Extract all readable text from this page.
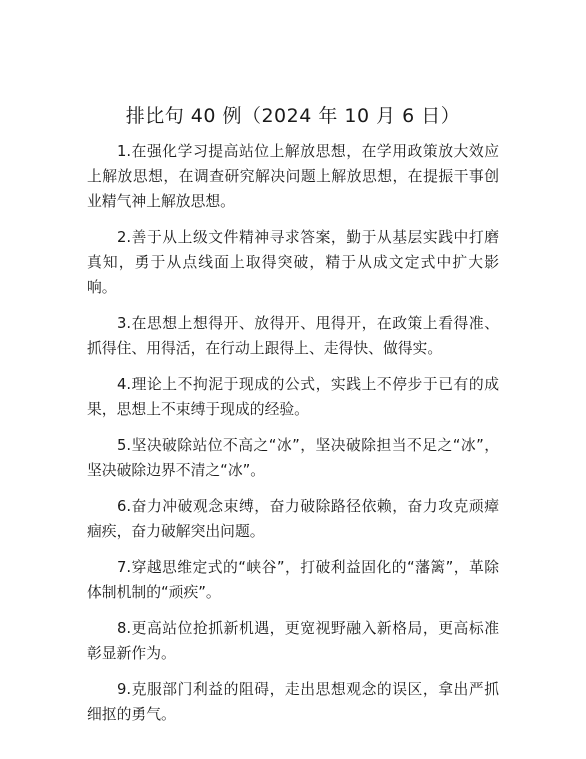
排比句 40 例（2024 年 10 月 6 日）

1.在强化学习提高站位上解放思想，在学用政策放大效应上解放思想，在调查研究解决问题上解放思想，在提振干事创业精气神上解放思想。

2.善于从上级文件精神寻求答案，勤于从基层实践中打磨真知，勇于从点线面上取得突破，精于从成文定式中扩大影响。

3.在思想上想得开、放得开、甩得开，在政策上看得准、抓得住、用得活，在行动上跟得上、走得快、做得实。

4.理论上不拘泥于现成的公式，实践上不停步于已有的成果，思想上不束缚于现成的经验。

5.坚决破除站位不高之“冰”，坚决破除担当不足之“冰”，坚决破除边界不清之“冰”。

6.奋力冲破观念束缚，奋力破除路径依赖，奋力攻克顽瘴痼疾，奋力破解突出问题。

7.穿越思维定式的“峡谷”，打破利益固化的“藩篱”，革除体制机制的“顽疾”。

8.更高站位抢抓新机遇，更宽视野融入新格局，更高标准彰显新作为。

9.克服部门利益的阻碍，走出思想观念的误区，拿出严抓细抠的勇气。
